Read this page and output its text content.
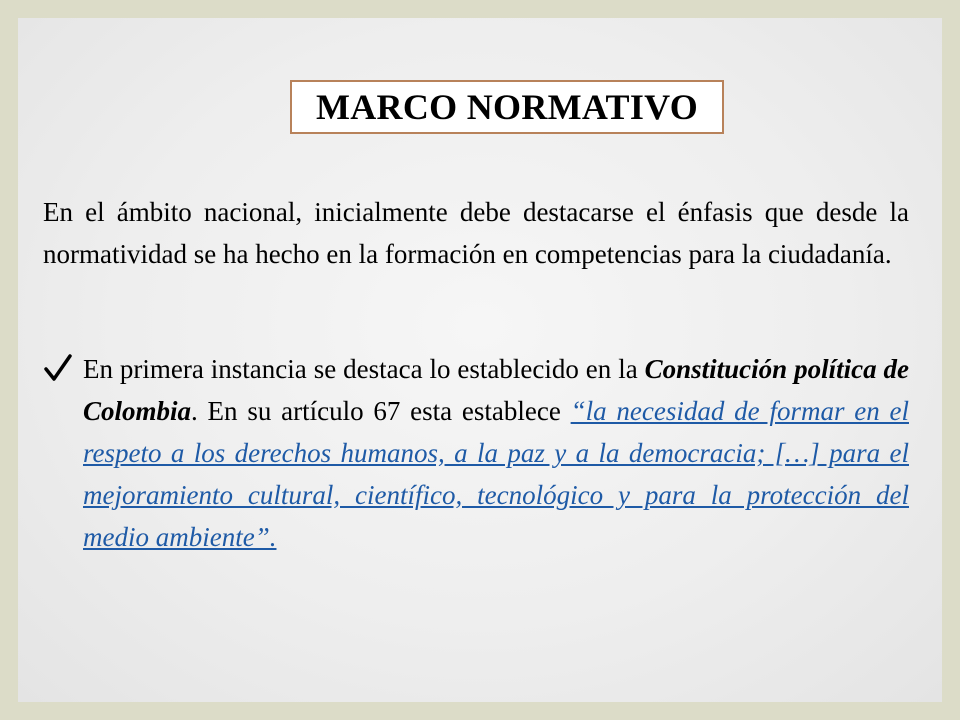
MARCO NORMATIVO
En el ámbito nacional, inicialmente debe destacarse el énfasis que desde la normatividad se ha hecho en la formación en competencias para la ciudadanía.
En primera instancia se destaca lo establecido en la Constitución política de Colombia. En su artículo 67 esta establece “la necesidad de formar en el respeto a los derechos humanos, a la paz y a la democracia; […] para el mejoramiento cultural, científico, tecnológico y para la protección del medio ambiente”.
